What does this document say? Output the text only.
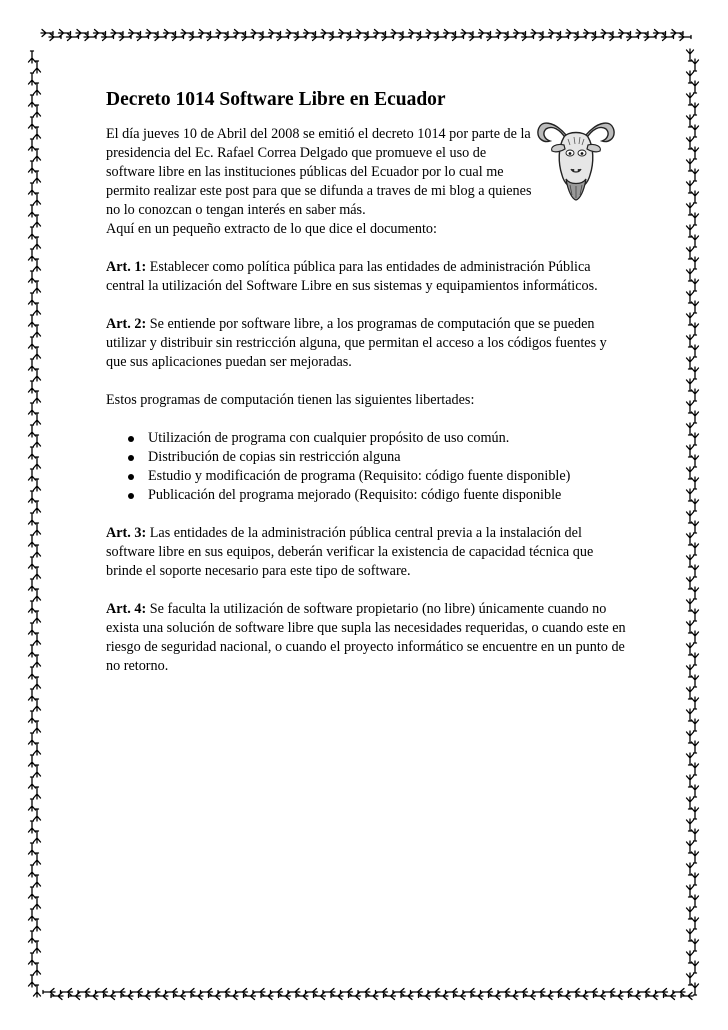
Decreto 1014 Software Libre en Ecuador

El día jueves 10 de Abril del 2008 se emitió el decreto 1014 por parte de la presidencia del Ec. Rafael Correa Delgado que promueve el uso de software libre en las instituciones públicas del Ecuador por lo cual me permito realizar este post para que se difunda a traves de mi blog a quienes no lo conozcan o tengan interés en saber más.

Aquí en un pequeño extracto de lo que dice el documento:

Art. 1: Establecer como política pública para las entidades de administración Pública central la utilización del Software Libre en sus sistemas y equipamientos informáticos.

Art. 2: Se entiende por software libre, a los programas de computación que se pueden utilizar y distribuir sin restricción alguna, que permitan el acceso a los códigos fuentes y que sus aplicaciones puedan ser mejoradas.

Estos programas de computación tienen las siguientes libertades:

Utilización de programa con cualquier propósito de uso común.
Distribución de copias sin restricción alguna
Estudio y modificación de programa (Requisito: código fuente disponible)
Publicación del programa mejorado (Requisito: código fuente disponible

Art. 3: Las entidades de la administración pública central previa a la instalación del software libre en sus equipos, deberán verificar la existencia de capacidad técnica que brinde el soporte necesario para este tipo de software.

Art. 4: Se faculta la utilización de software propietario (no libre) únicamente cuando no exista una solución de software libre que supla las necesidades requeridas, o cuando este en riesgo de seguridad nacional, o cuando el proyecto informático se encuentre en un punto de no retorno.
